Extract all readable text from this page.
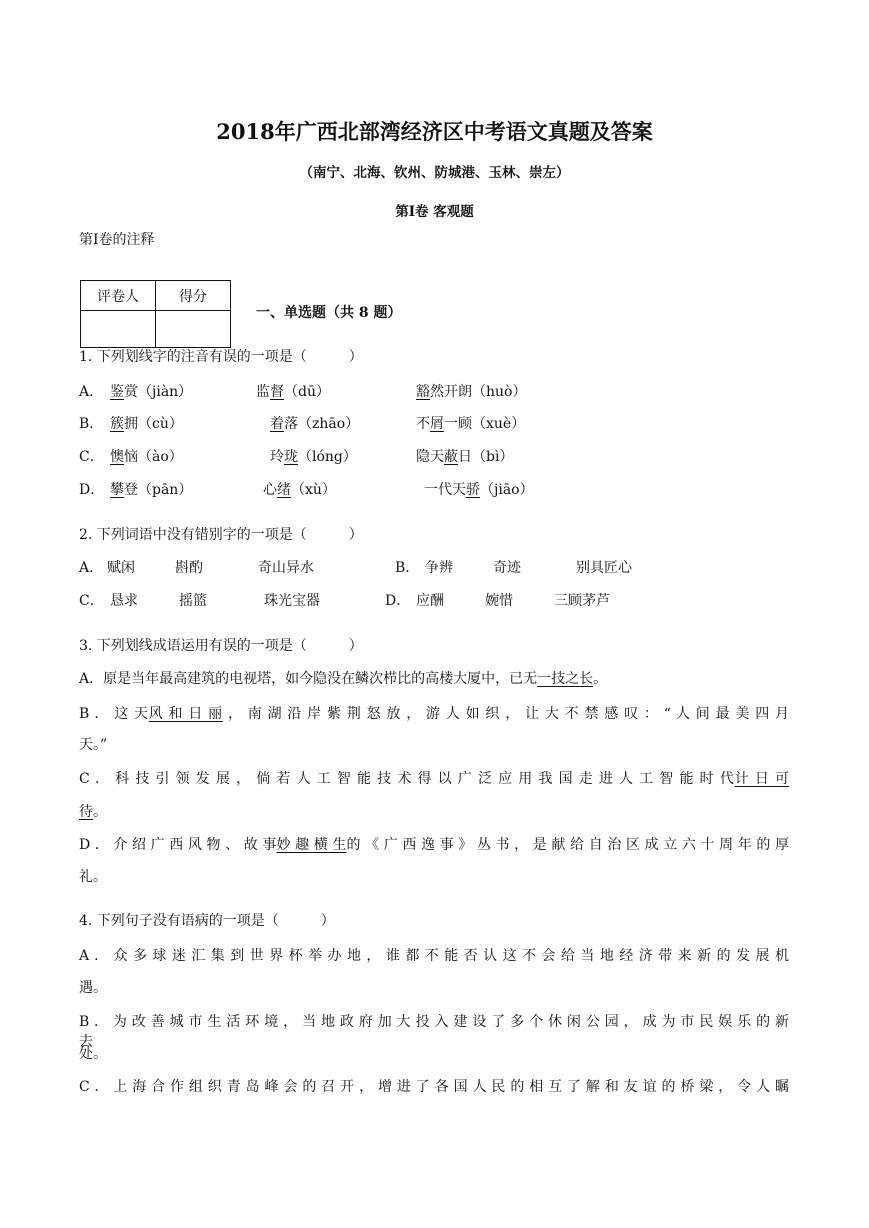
2018年广西北部湾经济区中考语文真题及答案
（南宁、北海、钦州、防城港、玉林、崇左）
第Ⅰ卷 客观题
第Ⅰ卷的注释
评卷人	得分

一、单选题（共 8 题）
1. 下列划线字的注音有误的一项是（　　　）
A． 鉴赏（jiàn）	监督（dū）	豁然开朗（huò）
B． 簇拥（cù）	着落（zhāo）	不屑一顾（xuè）
C． 懊恼（ào）	玲珑（lóng）	隐天蔽日（bì）
D． 攀登（pān）	心绪（xù）	一代天骄（jiāo）
2. 下列词语中没有错别字的一项是（　　　）
A． 赋闲	斟酌	奇山异水	B． 争辨	奇迹	别具匠心
C． 恳求	摇篮	珠光宝器	D． 应酬	婉惜	三顾茅芦
3. 下列划线成语运用有误的一项是（　　　）
A．原是当年最高建筑的电视塔，如今隐没在鳞次栉比的高楼大厦中，已无一技之长。
B ． 这 天风 和 日 丽 ， 南 湖 沿 岸 紫 荆 怒 放 ， 游 人 如 织 ， 让 大 不 禁 感 叹 ： “ 人 间 最 美 四 月
天。”
C ． 科 技 引 领 发 展 ， 倘 若 人 工 智 能 技 术 得 以 广 泛 应 用 我 国 走 进 人 工 智 能 时 代计 日 可
待。
D ． 介 绍 广 西 风 物 、 故 事妙 趣 横 生的 《 广 西 逸 事 》 丛 书 ， 是 献 给 自 治 区 成 立 六 十 周 年 的 厚
礼。
4. 下列句子没有语病的一项是（　　　）
A ． 众 多 球 迷 汇 集 到 世 界 杯 举 办 地 ， 谁 都 不 能 否 认 这 不 会 给 当 地 经 济 带 来 新 的 发 展 机
遇。
B ． 为 改 善 城 市 生 活 环 境 ， 当 地 政 府 加 大 投 入 建 设 了 多 个 休 闲 公 园 ， 成 为 市 民 娱 乐 的 新 去
处。
C ． 上 海 合 作 组 织 青 岛 峰 会 的 召 开 ， 增 进 了 各 国 人 民 的 相 互 了 解 和 友 谊 的 桥 梁 ， 令 人 瞩
